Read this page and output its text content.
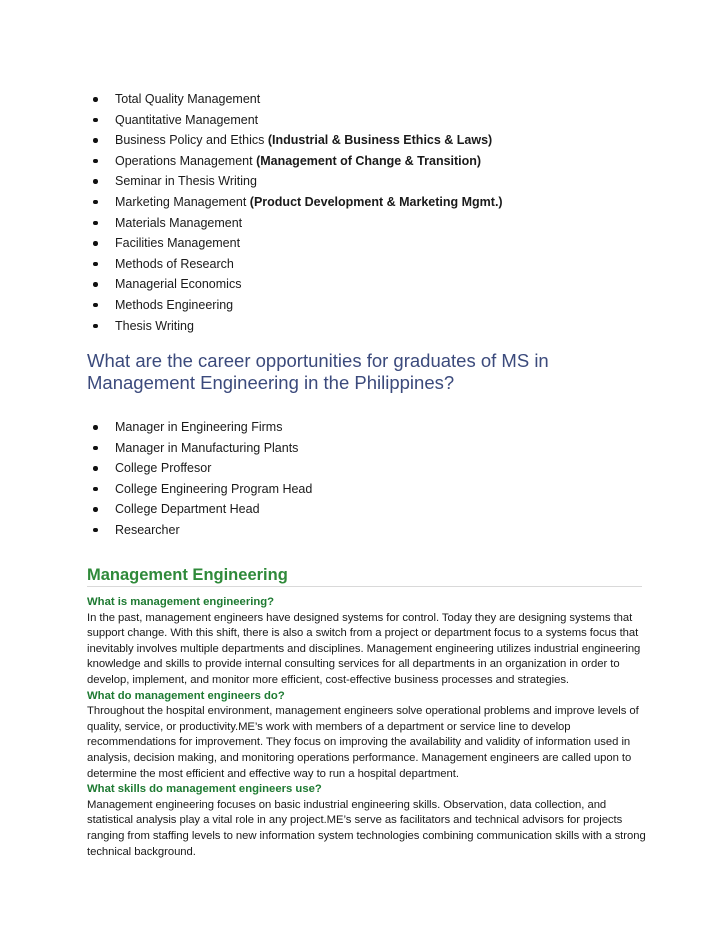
Total Quality Management
Quantitative Management
Business Policy and Ethics (Industrial & Business Ethics & Laws)
Operations Management (Management of Change & Transition)
Seminar in Thesis Writing
Marketing Management (Product Development & Marketing Mgmt.)
Materials Management
Facilities Management
Methods of Research
Managerial Economics
Methods Engineering
Thesis Writing
What are the career opportunities for graduates of MS in Management Engineering in the Philippines?
Manager in Engineering Firms
Manager in Manufacturing Plants
College Proffesor
College Engineering Program Head
College Department Head
Researcher
Management Engineering
What is management engineering?

In the past, management engineers have designed systems for control. Today they are designing systems that support change. With this shift, there is also a switch from a project or department focus to a systems focus that inevitably involves multiple departments and disciplines. Management engineering utilizes industrial engineering knowledge and skills to provide internal consulting services for all departments in an organization in order to develop, implement, and monitor more efficient, cost-effective business processes and strategies.

What do management engineers do?

Throughout the hospital environment, management engineers solve operational problems and improve levels of quality, service, or productivity.ME’s work with members of a department or service line to develop recommendations for improvement. They focus on improving the availability and validity of information used in analysis, decision making, and monitoring operations performance. Management engineers are called upon to determine the most efficient and effective way to run a hospital department.

What skills do management engineers use?

Management engineering focuses on basic industrial engineering skills. Observation, data collection, and statistical analysis play a vital role in any project.ME’s serve as facilitators and technical advisors for projects ranging from staffing levels to new information system technologies combining communication skills with a strong technical background.
